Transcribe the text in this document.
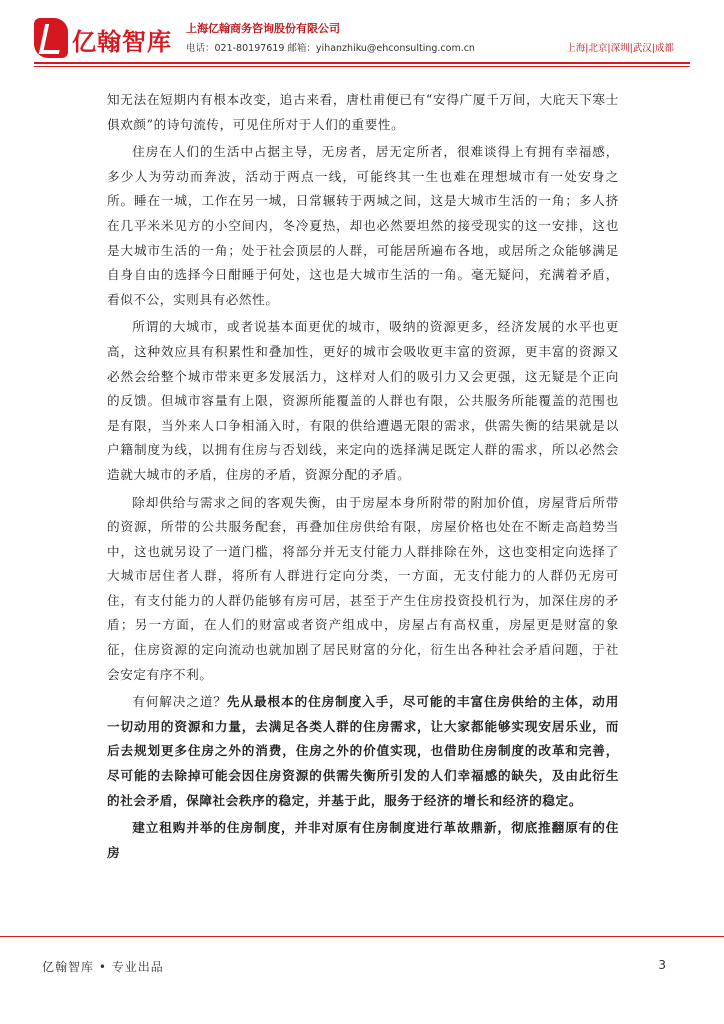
亿翰智库 上海亿翰商务咨询股份有限公司
电话：021-80197619 邮箱：yihanzhiku@ehconsulting.com.cn	上海|北京|深圳|武汉|成都

知无法在短期内有根本改变，追古来看，唐杜甫便已有“安得广厦千万间，大庇天下寒士俱欢颜”的诗句流传，可见住所对于人们的重要性。

住房在人们的生活中占据主导，无房者，居无定所者，很难谈得上有拥有幸福感，多少人为劳动而奔波，活动于两点一线，可能终其一生也难在理想城市有一处安身之所。睡在一城，工作在另一城，日常辗转于两城之间，这是大城市生活的一角；多人挤在几平米米见方的小空间内，冬冷夏热，却也必然要坦然的接受现实的这一安排，这也是大城市生活的一角；处于社会顶层的人群，可能居所遍布各地，或居所之众能够满足自身自由的选择今日酣睡于何处，这也是大城市生活的一角。毫无疑问，充满着矛盾，看似不公，实则具有必然性。

所谓的大城市，或者说基本面更优的城市，吸纳的资源更多，经济发展的水平也更高，这种效应具有积累性和叠加性，更好的城市会吸收更丰富的资源，更丰富的资源又必然会给整个城市带来更多发展活力，这样对人们的吸引力又会更强，这无疑是个正向的反馈。但城市容量有上限，资源所能覆盖的人群也有限，公共服务所能覆盖的范围也是有限，当外来人口争相涌入时，有限的供给遭遇无限的需求，供需失衡的结果就是以户籍制度为线，以拥有住房与否划线，来定向的选择满足既定人群的需求，所以必然会造就大城市的矛盾，住房的矛盾，资源分配的矛盾。

除却供给与需求之间的客观失衡，由于房屋本身所附带的附加价值，房屋背后所带的资源，所带的公共服务配套，再叠加住房供给有限，房屋价格也处在不断走高趋势当中，这也就另设了一道门槛，将部分并无支付能力人群排除在外，这也变相定向选择了大城市居住者人群，将所有人群进行定向分类，一方面，无支付能力的人群仍无房可住，有支付能力的人群仍能够有房可居，甚至于产生住房投资投机行为，加深住房的矛盾；另一方面，在人们的财富或者资产组成中，房屋占有高权重，房屋更是财富的象征，住房资源的定向流动也就加剧了居民财富的分化，衍生出各种社会矛盾问题，于社会安定有序不利。

有何解决之道？先从最根本的住房制度入手，尽可能的丰富住房供给的主体，动用一切动用的资源和力量，去满足各类人群的住房需求，让大家都能够实现安居乐业，而后去规划更多住房之外的消费，住房之外的价值实现，也借助住房制度的改革和完善，尽可能的去除掉可能会因住房资源的供需失衡所引发的人们幸福感的缺失，及由此衍生的社会矛盾，保障社会秩序的稳定，并基于此，服务于经济的增长和经济的稳定。

建立租购并举的住房制度，并非对原有住房制度进行革故鼎新，彻底推翻原有的住房

亿翰智库 • 专业出品	3
